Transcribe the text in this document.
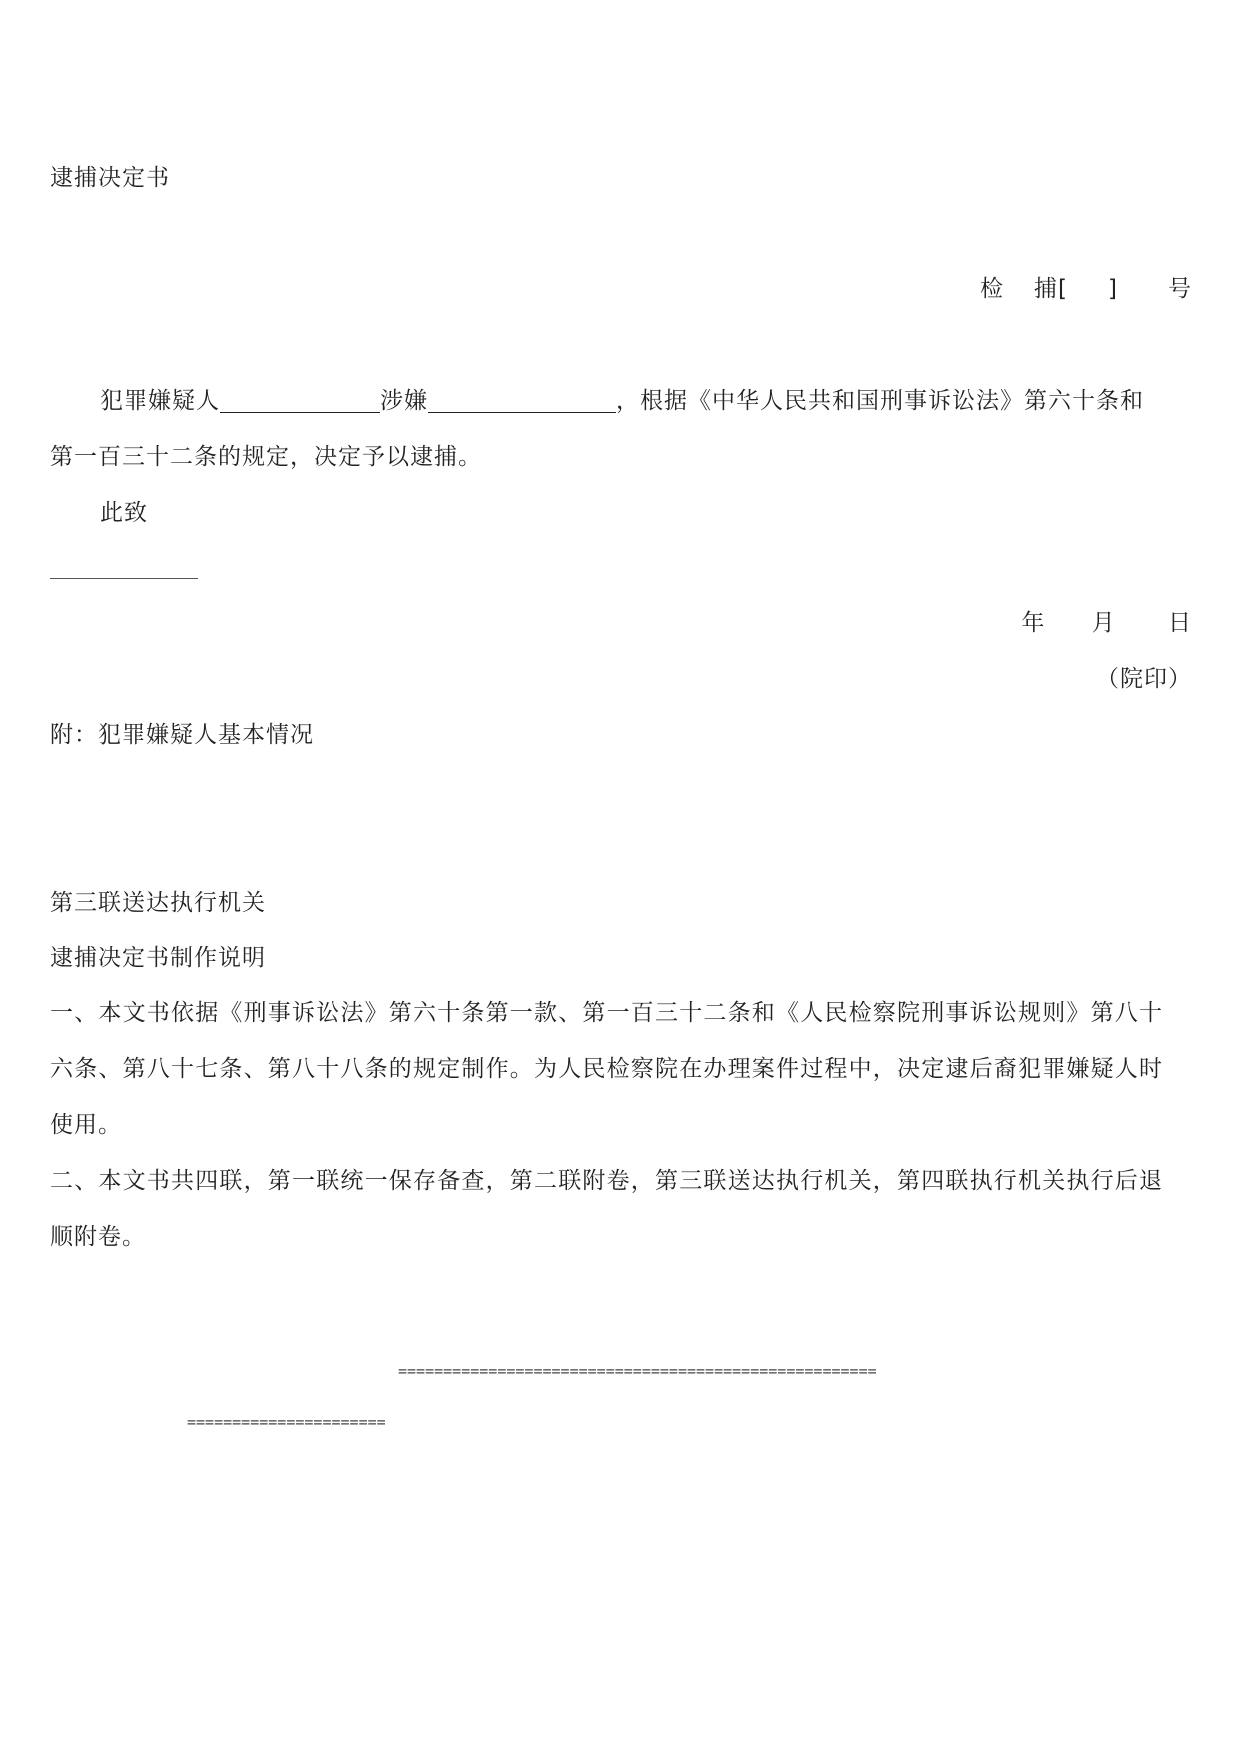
逮捕决定书
检 捕[ ] 号
犯罪嫌疑人	涉嫌	，根据《中华人民共和国刑事诉讼法》第六十条和
第一百三十二条的规定，决定予以逮捕。
此致
年 月 日
（院印）
附：犯罪嫌疑人基本情况
第三联送达执行机关
逮捕决定书制作说明
一、本文书依据《刑事诉讼法》第六十条第一款、第一百三十二条和《人民检察院刑事诉讼规则》第八十
六条、第八十七条、第八十八条的规定制作。为人民检察院在办理案件过程中，决定逮后裔犯罪嫌疑人时
使用。
二、本文书共四联，第一联统一保存备查，第二联附卷，第三联送达执行机关，第四联执行机关执行后退
顺附卷。
=====================================================
======================
